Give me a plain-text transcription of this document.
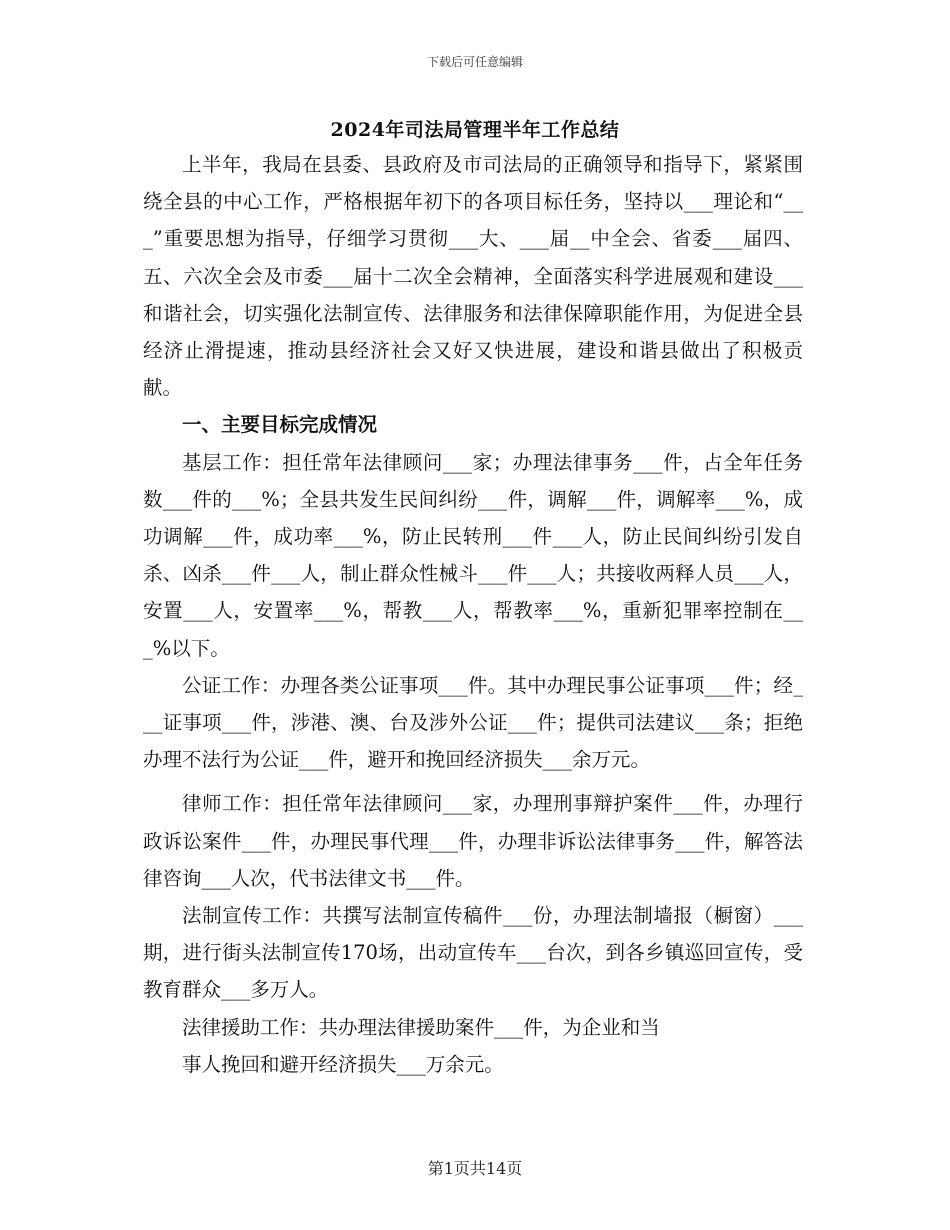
下载后可任意编辑
2024年司法局管理半年工作总结

上半年，我局在县委、县政府及市司法局的正确领导和指导下，紧紧围绕全县的中心工作，严格根据年初下的各项目标任务，坚持以___理论和“___”重要思想为指导，仔细学习贯彻___大、___届__中全会、省委___届四、五、六次全会及市委___届十二次全会精神，全面落实科学进展观和建设___和谐社会，切实强化法制宣传、法律服务和法律保障职能作用，为促进全县经济止滑提速，推动县经济社会又好又快进展，建设和谐县做出了积极贡献。

一、主要目标完成情况

基层工作：担任常年法律顾问___家；办理法律事务___件，占全年任务数___件的___%；全县共发生民间纠纷___件，调解___件，调解率___%，成功调解___件，成功率___%，防止民转刑___件___人，防止民间纠纷引发自杀、凶杀___件___人，制止群众性械斗___件___人；共接收两释人员___人，安置___人，安置率___%，帮教___人，帮教率___%，重新犯罪率控制在___%以下。

公证工作：办理各类公证事项___件。其中办理民事公证事项___件；经___证事项___件，涉港、澳、台及涉外公证___件；提供司法建议___条；拒绝办理不法行为公证___件，避开和挽回经济损失___余万元。

律师工作：担任常年法律顾问___家，办理刑事辩护案件___件，办理行政诉讼案件___件，办理民事代理___件，办理非诉讼法律事务___件，解答法律咨询___人次，代书法律文书___件。

法制宣传工作：共撰写法制宣传稿件___份，办理法制墙报（橱窗）___期，进行街头法制宣传170场，出动宣传车___台次，到各乡镇巡回宣传，受教育群众___多万人。

法律援助工作：共办理法律援助案件___件，为企业和当

事人挽回和避开经济损失___万余元。

第1页共14页
